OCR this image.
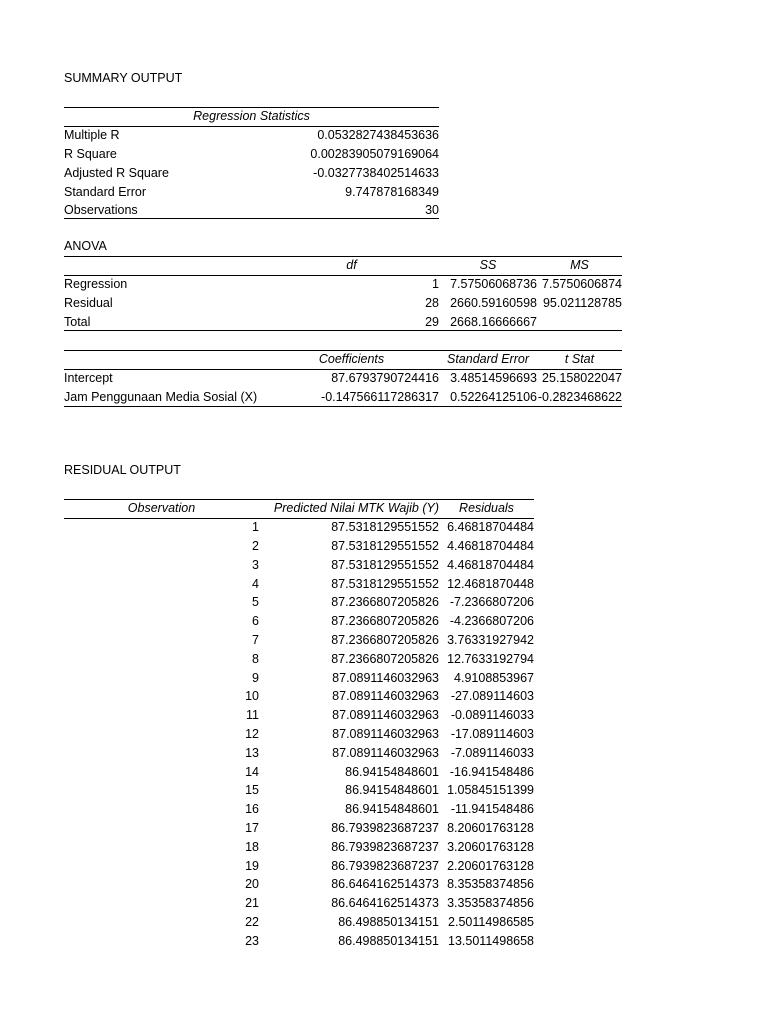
SUMMARY OUTPUT
Regression Statistics	
Multiple R	0.0532827438453636
R Square	0.00283905079169064
Adjusted R Square	-0.0327738402514633
Standard Error	9.747878168349
Observations	30
ANOVA
	df	SS	MS
Regression	1	7.57506068736	7.5750606874
Residual	28	2660.59160598	95.021128785
Total	29	2668.16666667	
	Coefficients	Standard Error	t Stat
Intercept	87.6793790724416	3.48514596693	25.158022047
Jam Penggunaan Media Sosial (X)	-0.147566117286317	0.52264125106	-0.2823468622
RESIDUAL OUTPUT
Observation	Predicted Nilai MTK Wajib (Y)	Residuals
1	87.5318129551552	6.46818704484
2	87.5318129551552	4.46818704484
3	87.5318129551552	4.46818704484
4	87.5318129551552	12.4681870448
5	87.2366807205826	-7.2366807206
6	87.2366807205826	-4.2366807206
7	87.2366807205826	3.76331927942
8	87.2366807205826	12.7633192794
9	87.0891146032963	4.9108853967
10	87.0891146032963	-27.089114603
11	87.0891146032963	-0.0891146033
12	87.0891146032963	-17.089114603
13	87.0891146032963	-7.0891146033
14	86.94154848601	-16.941548486
15	86.94154848601	1.05845151399
16	86.94154848601	-11.941548486
17	86.7939823687237	8.20601763128
18	86.7939823687237	3.20601763128
19	86.7939823687237	2.20601763128
20	86.6464162514373	8.35358374856
21	86.6464162514373	3.35358374856
22	86.498850134151	2.50114986585
23	86.498850134151	13.5011498658
